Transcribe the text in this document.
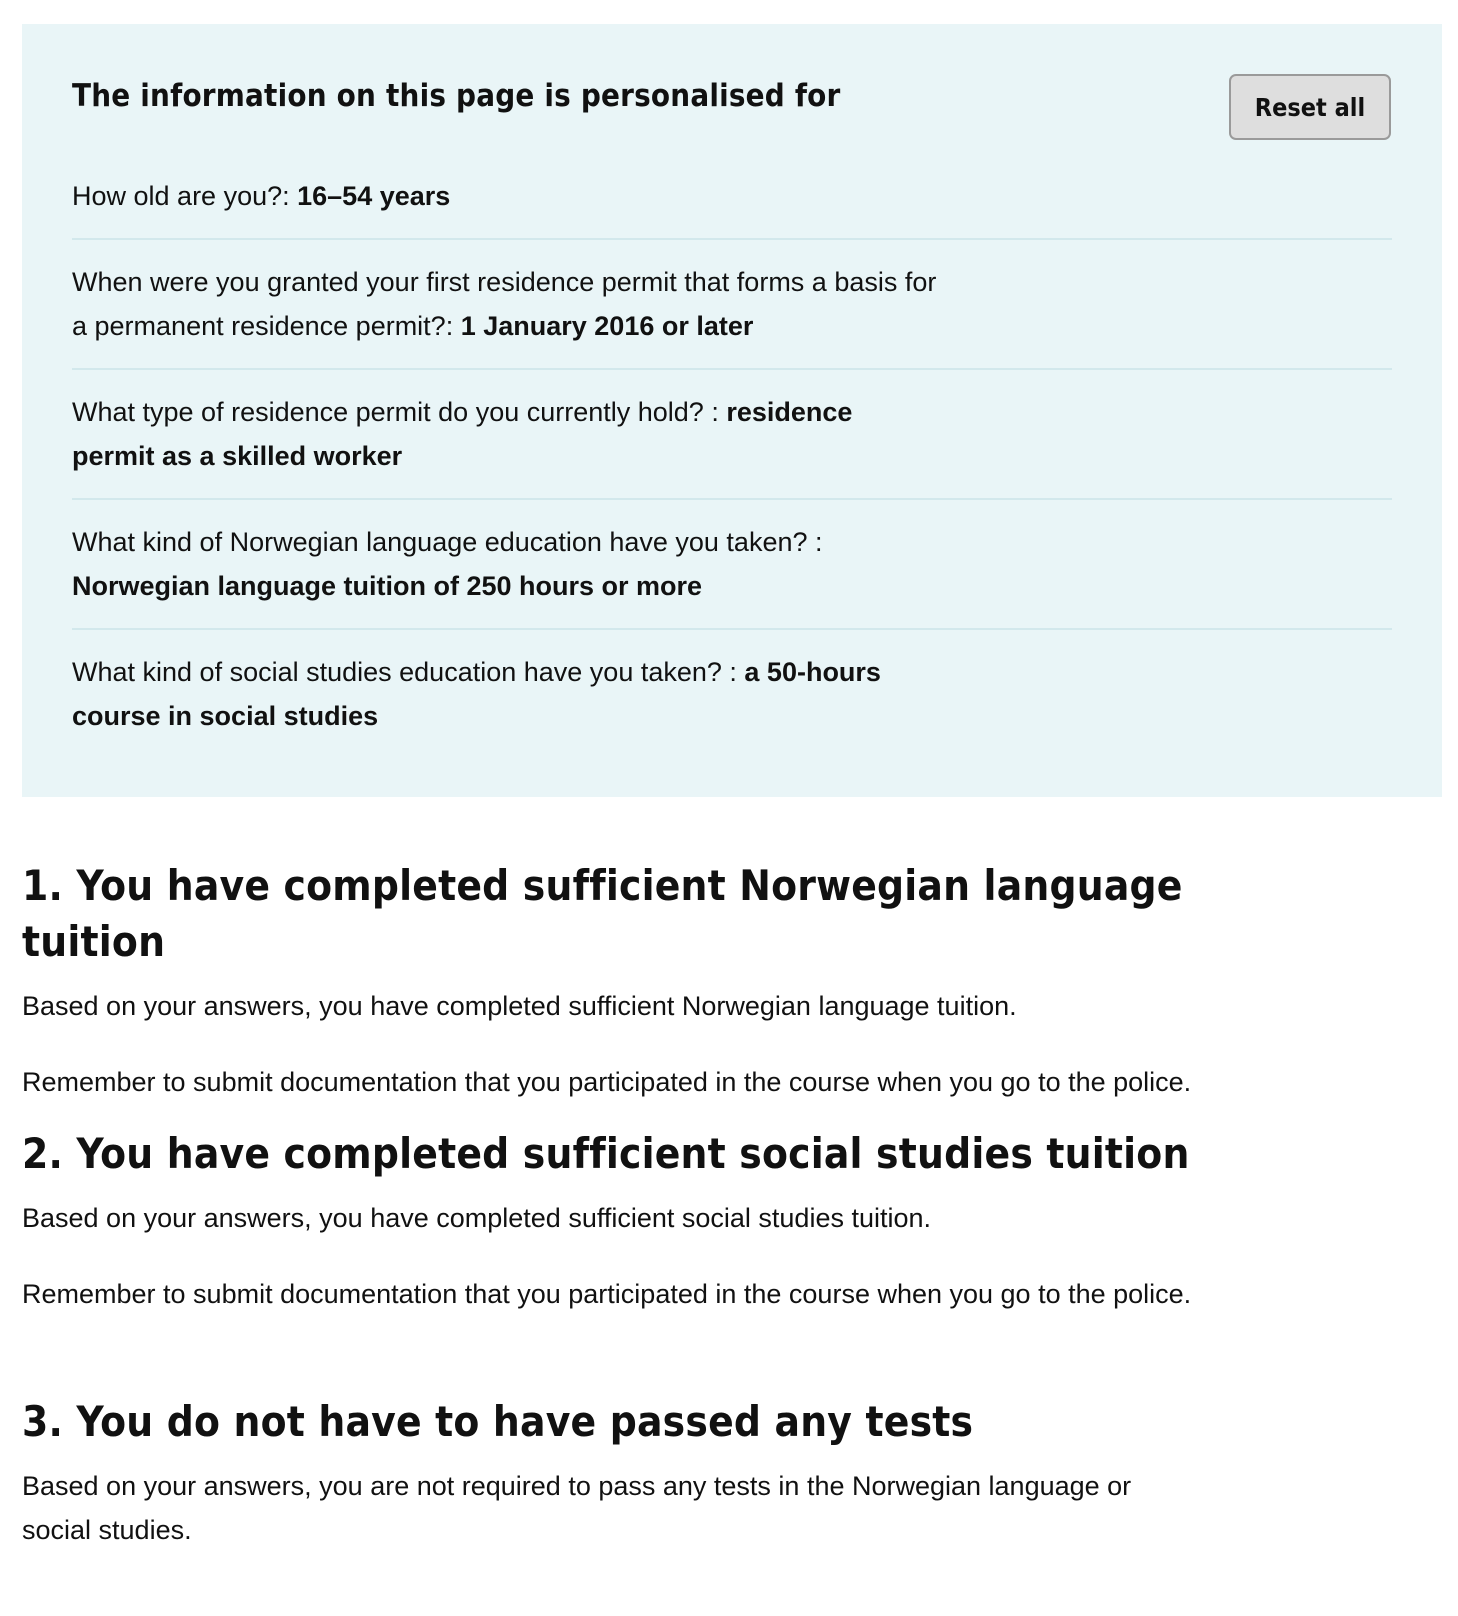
The information on this page is personalised for	Reset all
How old are you?: 16–54 years
When were you granted your first residence permit that forms a basis for a permanent residence permit?: 1 January 2016 or later
What type of residence permit do you currently hold? : residence permit as a skilled worker
What kind of Norwegian language education have you taken? : Norwegian language tuition of 250 hours or more
What kind of social studies education have you taken? : a 50-hours course in social studies
1. You have completed sufficient Norwegian language tuition

Based on your answers, you have completed sufficient Norwegian language tuition.

Remember to submit documentation that you participated in the course when you go to the police.

2. You have completed sufficient social studies tuition

Based on your answers, you have completed sufficient social studies tuition.

Remember to submit documentation that you participated in the course when you go to the police.

3. You do not have to have passed any tests

Based on your answers, you are not required to pass any tests in the Norwegian language or social studies.
